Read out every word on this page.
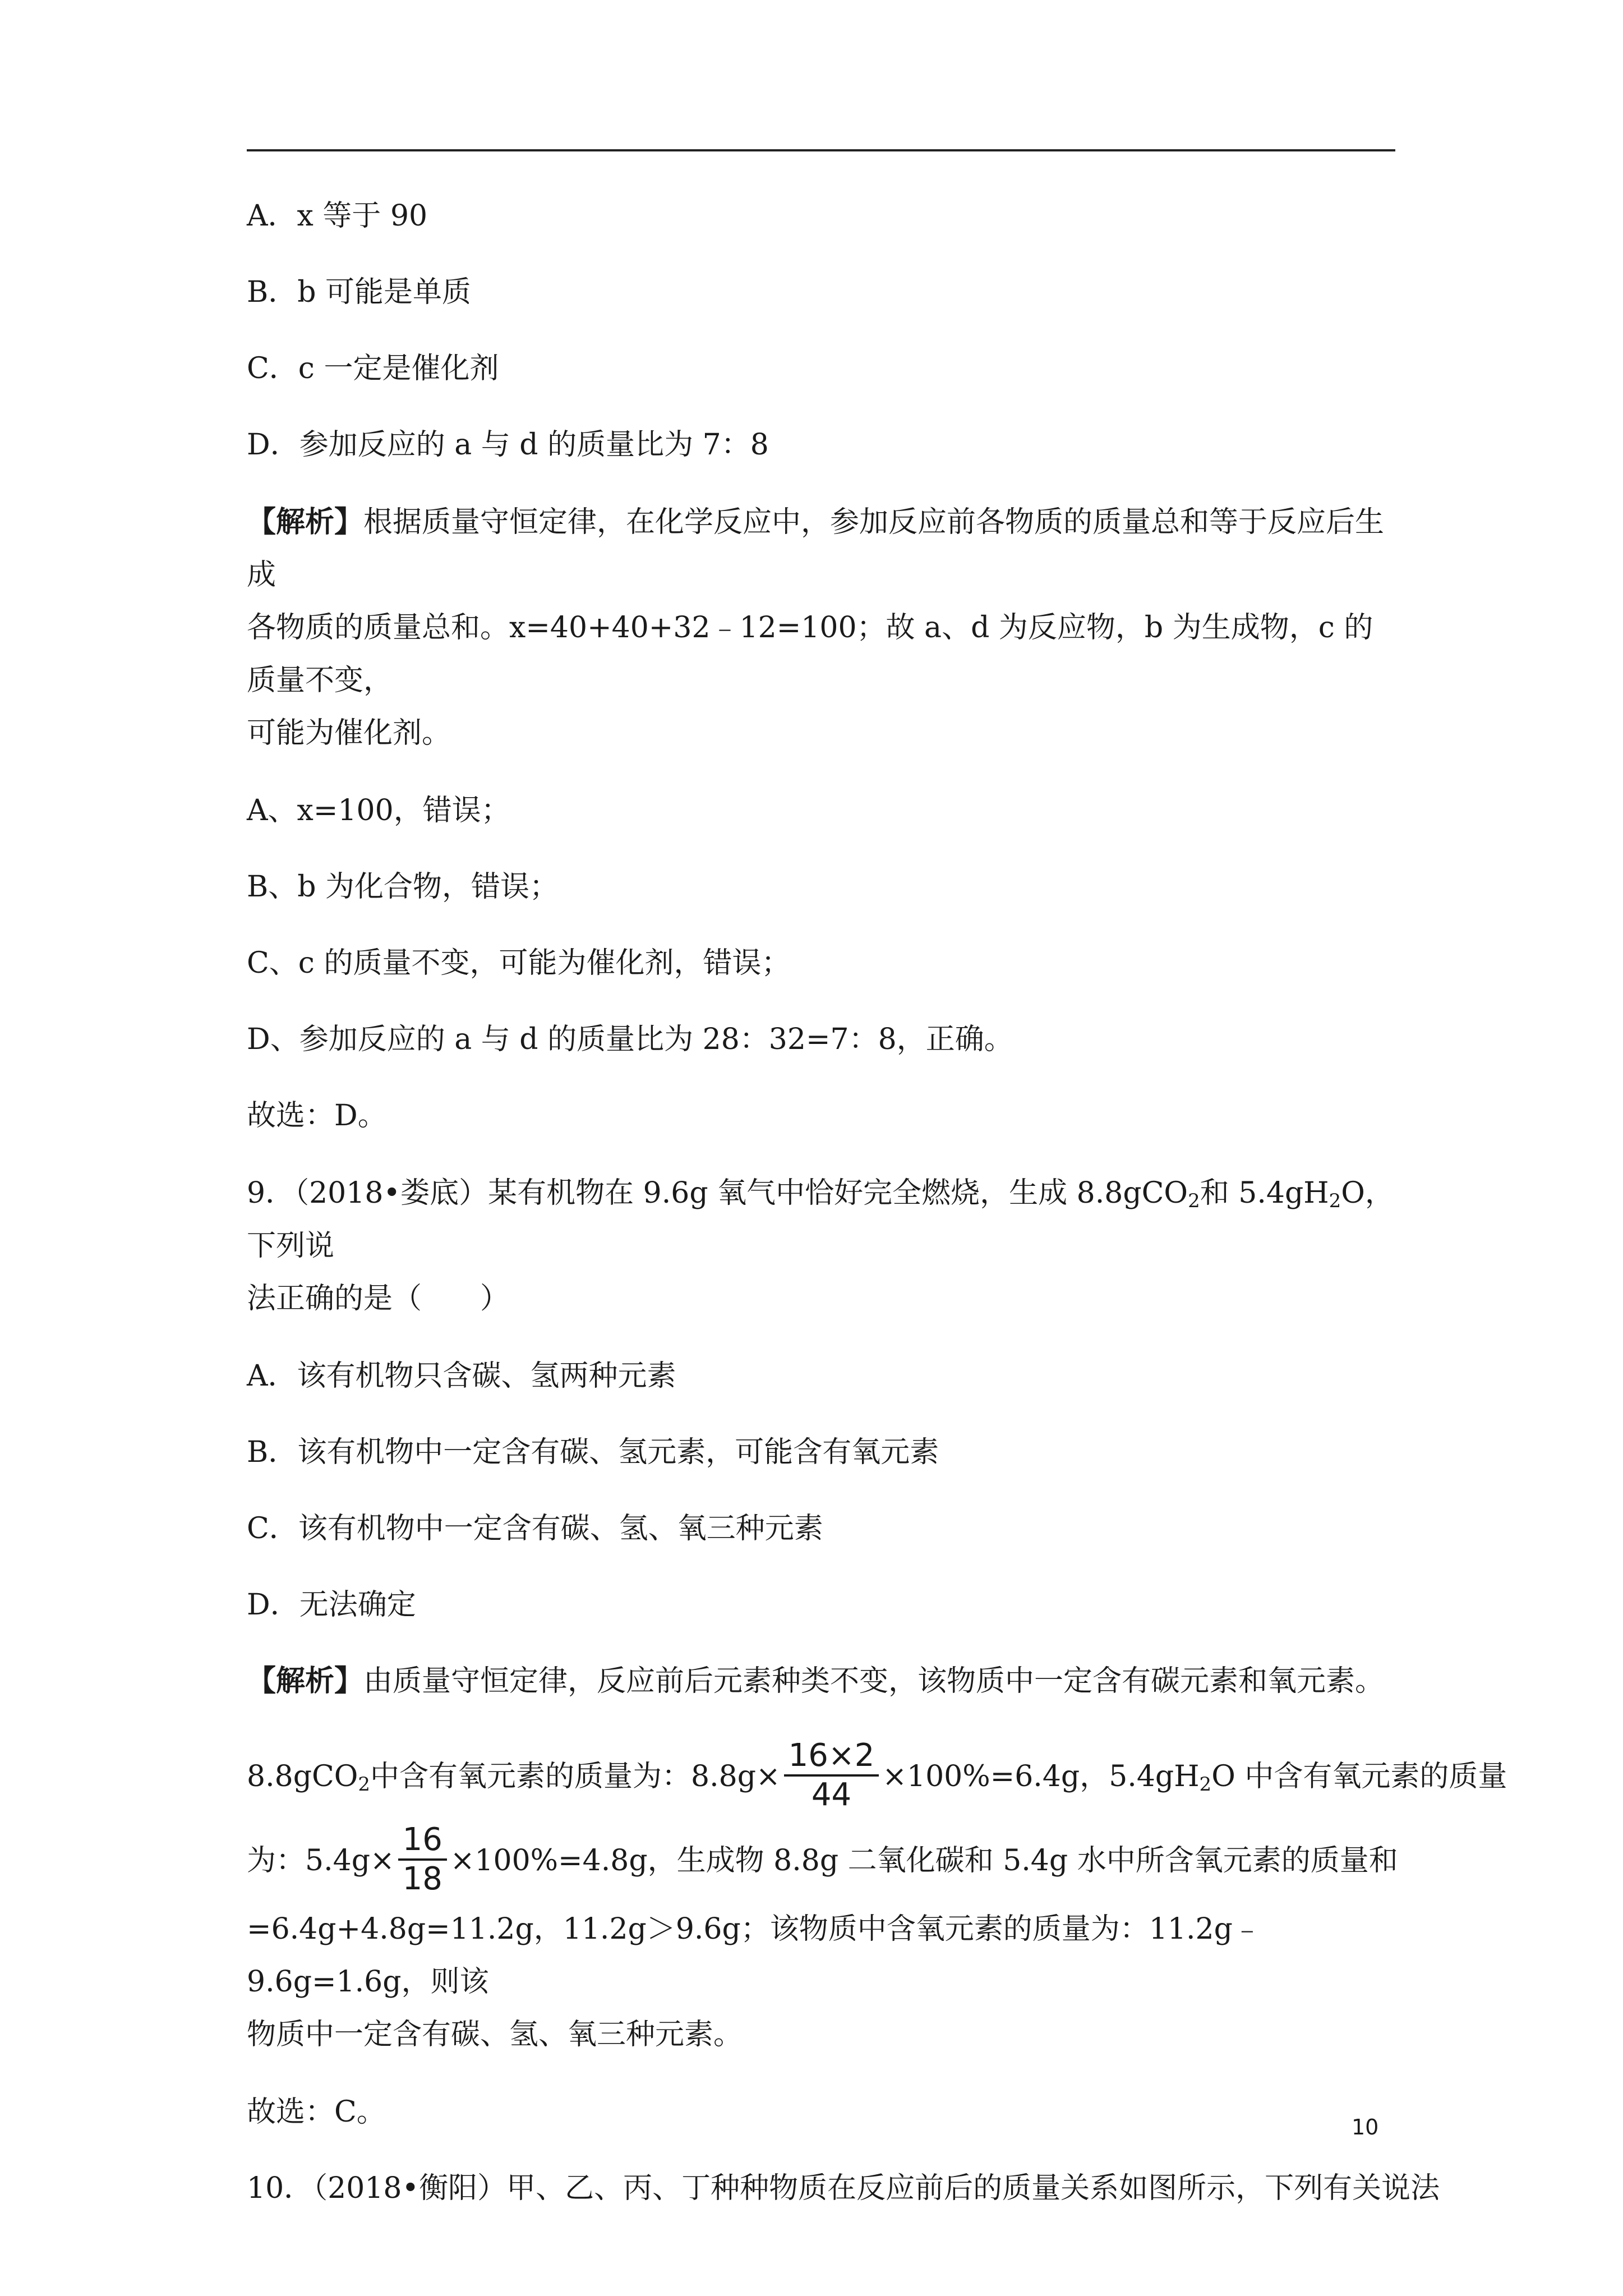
A．x 等于 90

B．b 可能是单质

C．c 一定是催化剂

D．参加反应的 a 与 d 的质量比为 7：8

【解析】根据质量守恒定律，在化学反应中，参加反应前各物质的质量总和等于反应后生成

各物质的质量总和。x=40+40+32﹣12=100；故 a、d 为反应物，b 为生成物，c 的质量不变，

可能为催化剂。

A、x=100，错误；

B、b 为化合物，错误；

C、c 的质量不变，可能为催化剂，错误；

D、参加反应的 a 与 d 的质量比为 28：32=7：8，正确。

故选：D。

9．（2018•娄底）某有机物在 9.6g 氧气中恰好完全燃烧，生成 8.8gCO$_2$和 $5.4gH_2O$，下列说

法正确的是（　　）

A．该有机物只含碳、氢两种元素

B．该有机物中一定含有碳、氢元素，可能含有氧元素

C．该有机物中一定含有碳、氢、氧三种元素

D．无法确定

【解析】由质量守恒定律，反应前后元素种类不变，该物质中一定含有碳元素和氧元素。

8.8gCO$_2$中含有氧元素的质量为：$8.8g\times \frac{16\times 2}{44} \times 100\%=6.4g$，$5.4gH_2O$ 中含有氧元素的质量

为：$5.4g\times \frac{16}{18} \times 100\%=4.8g$，生成物 8.8g 二氧化碳和 5.4g 水中所含氧元素的质量和

=6.4g+4.8g=11.2g，11.2g＞9.6g；该物质中含氧元素的质量为：11.2g﹣9.6g=1.6g，则该

物质中一定含有碳、氢、氧三种元素。

故选：C。

10．（2018•衡阳）甲、乙、丙、丁种种物质在反应前后的质量关系如图所示，下列有关说法

10
